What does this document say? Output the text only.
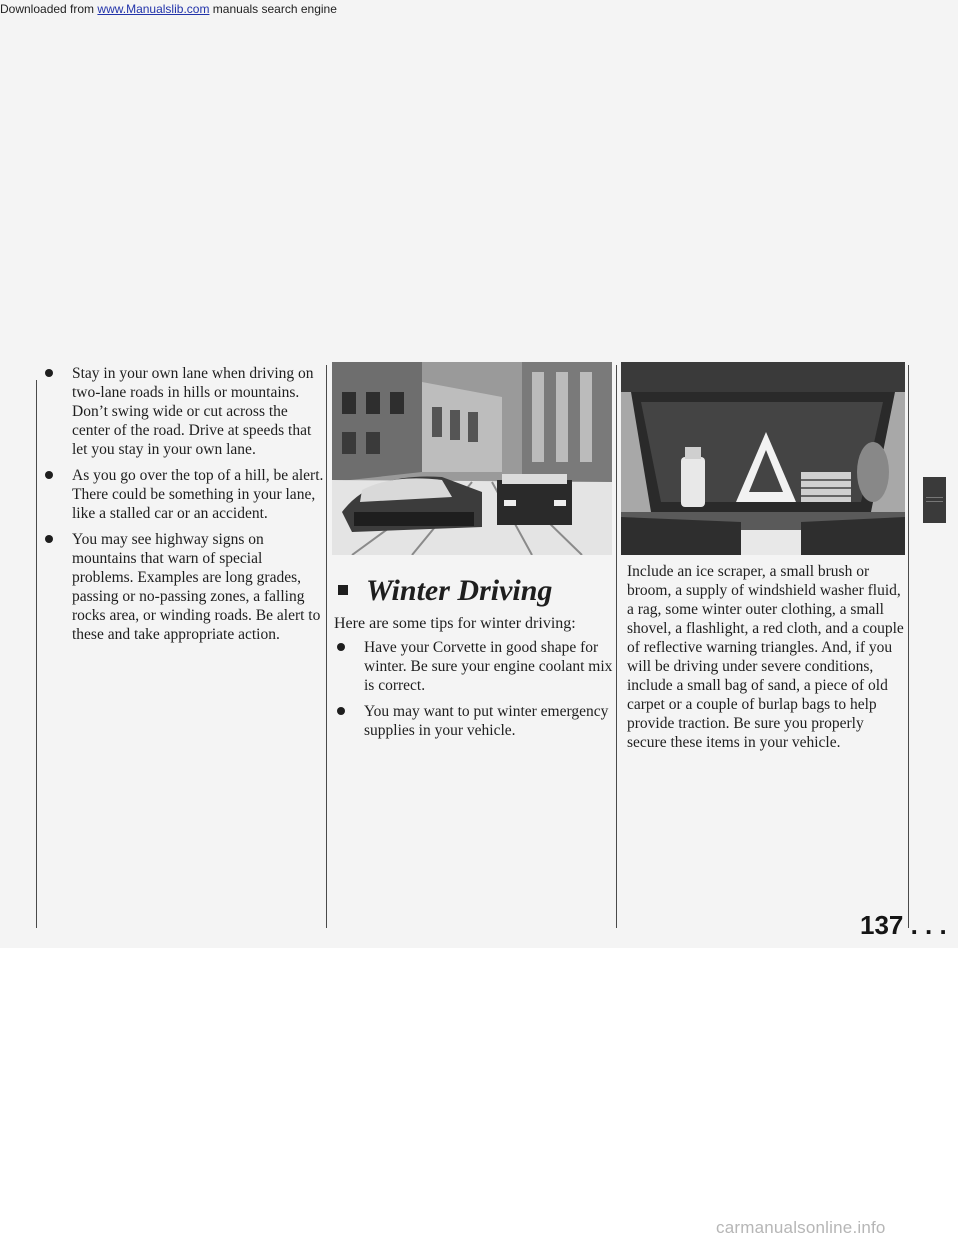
Downloaded from www.Manualslib.com manuals search engine
Stay in your own lane when driving on two-lane roads in hills or mountains. Don’t swing wide or cut across the center of the road. Drive at speeds that let you stay in your own lane.
As you go over the top of a hill, be alert. There could be something in your lane, like a stalled car or an accident.
You may see highway signs on mountains that warn of special problems. Examples are long grades, passing or no-passing zones, a falling rocks area, or winding roads. Be alert to these and take appropriate action.
Winter Driving

Here are some tips for winter driving:

Have your Corvette in good shape for winter. Be sure your engine coolant mix is correct.
You may want to put winter emergency supplies in your vehicle.

Include an ice scraper, a small brush or broom, a supply of windshield washer fluid, a rag, some winter outer clothing, a small shovel, a flashlight, a red cloth, and a couple of reflective warning triangles. And, if you will be driving under severe conditions, include a small bag of sand, a piece of old carpet or a couple of burlap bags to help provide traction. Be sure you properly secure these items in your vehicle.

137 . . .
carmanualsonline.info
